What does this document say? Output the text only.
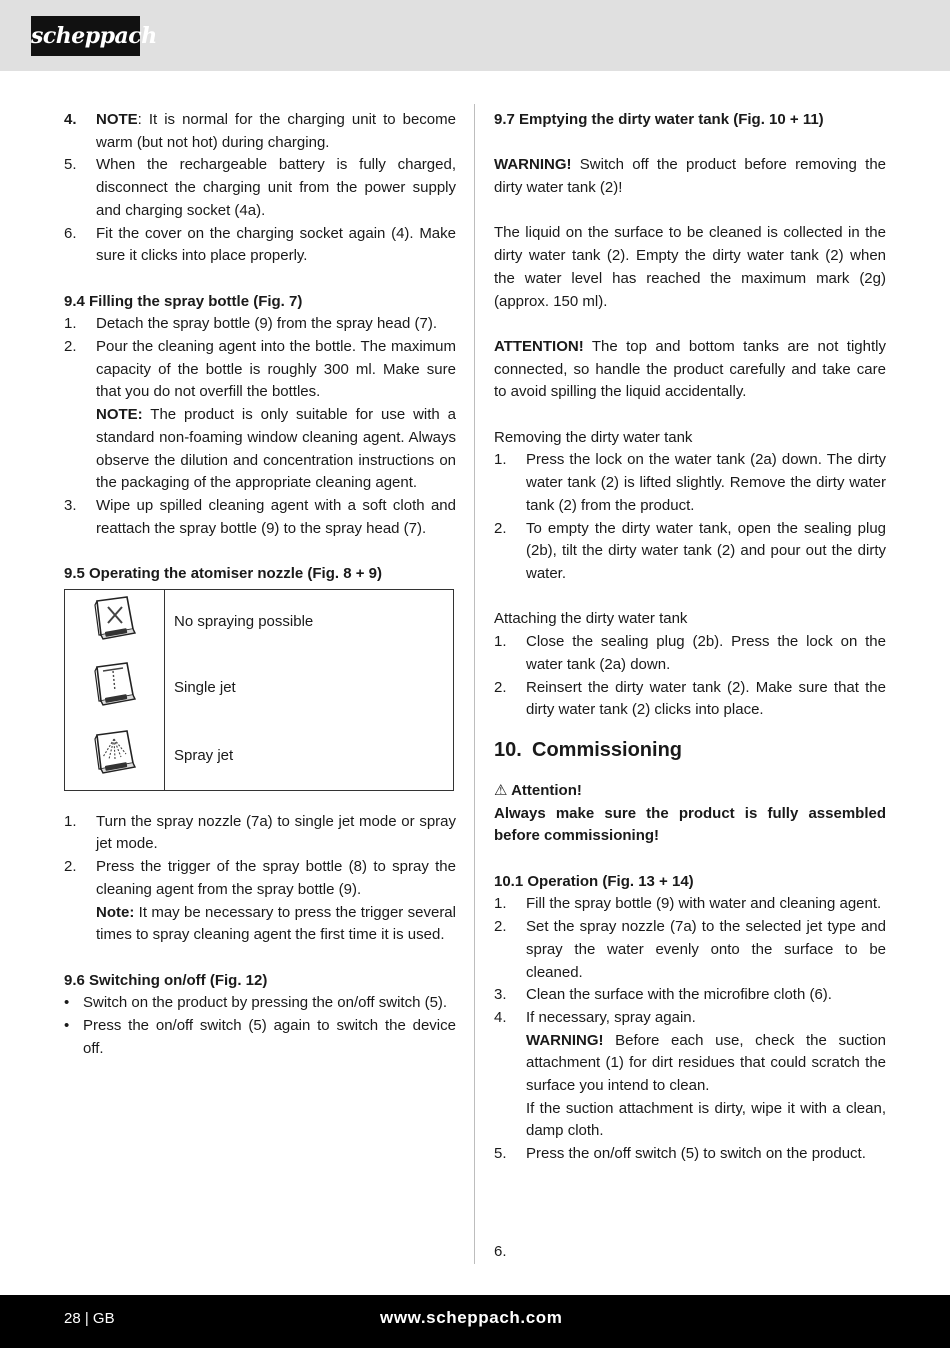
scheppach
4.	NOTE: It is normal for the charging unit to become warm (but not hot) during charging.
5.	When the rechargeable battery is fully charged, disconnect the charging unit from the power supply and charging socket (4a).
6.	Fit the cover on the charging socket again (4). Make sure it clicks into place properly.
9.4 Filling the spray bottle (Fig. 7)
1.	Detach the spray bottle (9) from the spray head (7).
2.	Pour the cleaning agent into the bottle. The maximum capacity of the bottle is roughly 300 ml. Make sure that you do not overfill the bottles.
NOTE: The product is only suitable for use with a standard non-foaming window cleaning agent. Always observe the dilution and concentration instructions on the packaging of the appropriate cleaning agent.
3.	Wipe up spilled cleaning agent with a soft cloth and reattach the spray bottle (9) to the spray head (7).
9.5 Operating the atomiser nozzle (Fig. 8 + 9)
	No spraying possible
	Single jet
	Spray jet
1.	Turn the spray nozzle (7a) to single jet mode or spray jet mode.
2.	Press the trigger of the spray bottle (8) to spray the cleaning agent from the spray bottle (9).
Note: It may be necessary to press the trigger several times to spray cleaning agent the first time it is used.
9.6 Switching on/off (Fig. 12)
• Switch on the product by pressing the on/off switch (5).
• Press the on/off switch (5) again to switch the device off.
9.7 Emptying the dirty water tank (Fig. 10 + 11)

WARNING! Switch off the product before removing the dirty water tank (2)!

The liquid on the surface to be cleaned is collected in the dirty water tank (2). Empty the dirty water tank (2) when the water level has reached the maximum mark (2g) (approx. 150 ml).

ATTENTION! The top and bottom tanks are not tightly connected, so handle the product carefully and take care to avoid spilling the liquid accidentally.

Removing the dirty water tank

1.	Press the lock on the water tank (2a) down. The dirty water tank (2) is lifted slightly. Remove the dirty water tank (2) from the product.
2.	To empty the dirty water tank, open the sealing plug (2b), tilt the dirty water tank (2) and pour out the dirty water.

Attaching the dirty water tank

1.	Close the sealing plug (2b). Press the lock on the water tank (2a) down.
2.	Reinsert the dirty water tank (2). Make sure that the dirty water tank (2) clicks into place.
10. Commissioning

⚠ Attention!

Always make sure the product is fully assembled before commissioning!

10.1 Operation (Fig. 13 + 14)
1.	Fill the spray bottle (9) with water and cleaning agent.
2.	Set the spray nozzle (7a) to the selected jet type and spray the water evenly onto the surface to be cleaned.
3.	Clean the surface with the microfibre cloth (6).
4.	If necessary, spray again.
WARNING! Before each use, check the suction attachment (1) for dirt residues that could scratch the surface you intend to clean.
If the suction attachment is dirty, wipe it with a clean, damp cloth.
5.	Press the on/off switch (5) to switch on the product.
6.
28 | GB	www.scheppach.com
